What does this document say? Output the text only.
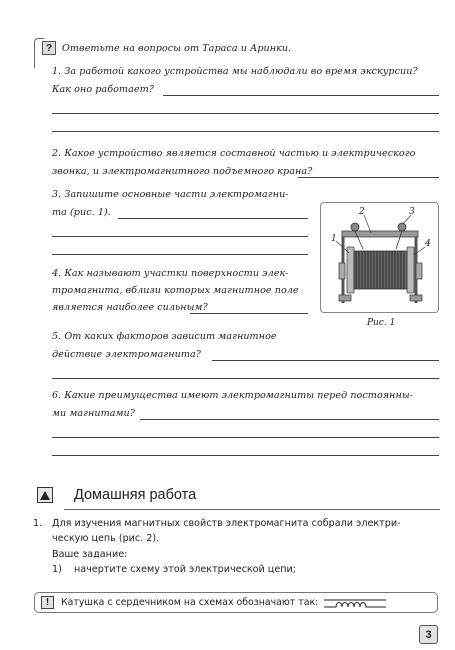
?	Ответьте на вопросы от Тараса и Аринки.
1. За работой какого устройства мы наблюдали во время экскурсии?
Как оно работает?
2. Какое устройство является составной частью и электрического
звонка, и электромагнитного подъемного крана?
3. Запишите основные части электромагни-
та (рис. 1).
4. Как называют участки поверхности элек-
тромагнита, вблизи которых магнитное поле
является наиболее сильным?
2	3
1	4
Рис. 1
5. От каких факторов зависит магнитное
действие электромагнита?
6. Какие преимущества имеют электромагниты перед постоянны-
ми магнитами?
Домашняя работа
1. Для изучения магнитных свойств электромагнита собрали электри-
ческую цепь (рис. 2).
Ваше задание:
1) начертите схему этой электрической цепи;
!	Катушка с сердечником на схемах обозначают так:
3
